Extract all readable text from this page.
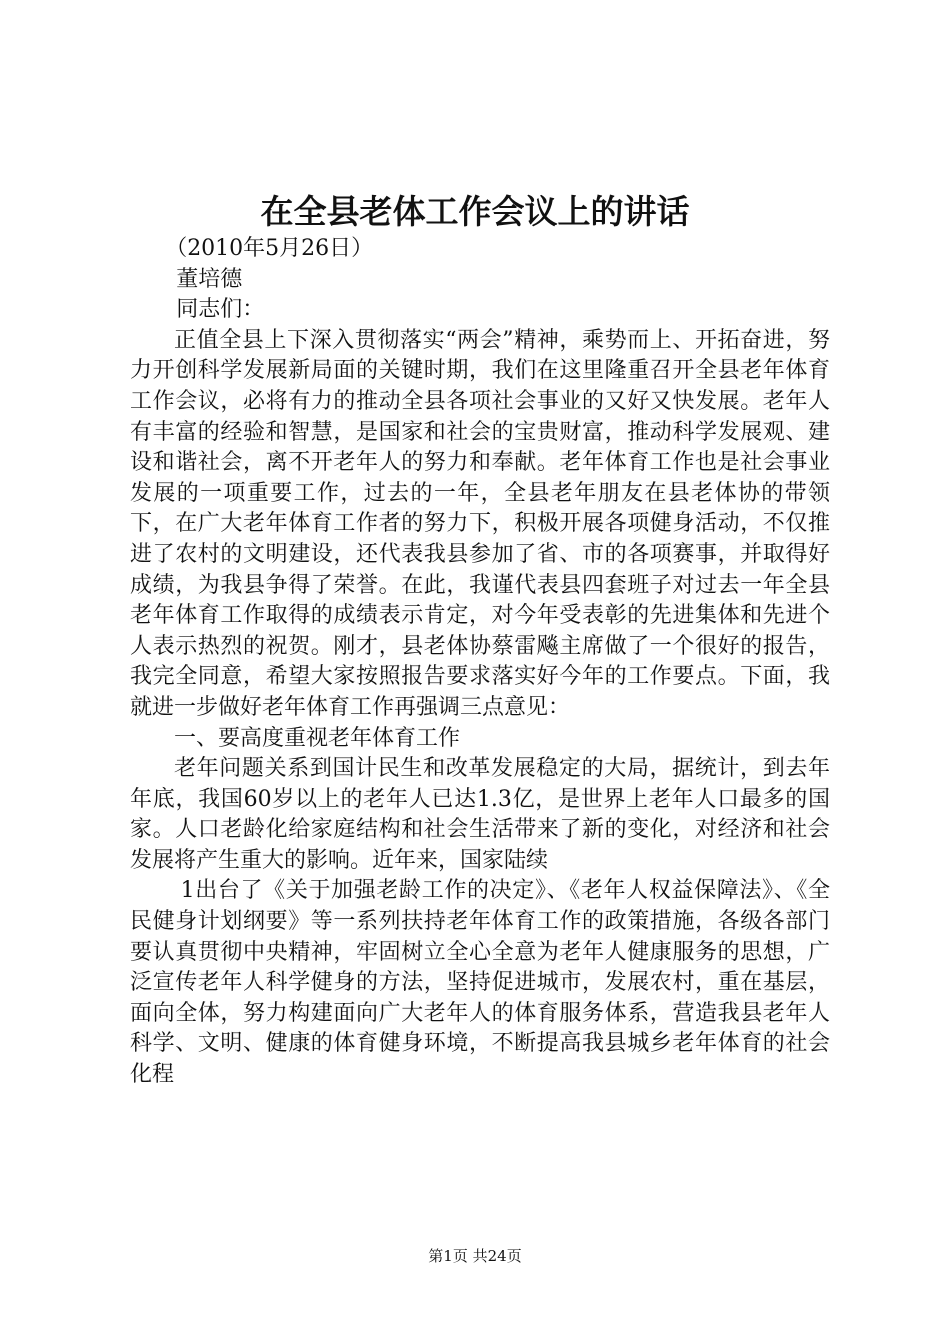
在全县老体工作会议上的讲话

（2010年5月26日）

董培德

同志们：

正值全县上下深入贯彻落实“两会”精神，乘势而上、开拓奋进，努力开创科学发展新局面的关键时期，我们在这里隆重召开全县老年体育工作会议，必将有力的推动全县各项社会事业的又好又快发展。老年人有丰富的经验和智慧，是国家和社会的宝贵财富，推动科学发展观、建设和谐社会，离不开老年人的努力和奉献。老年体育工作也是社会事业发展的一项重要工作，过去的一年，全县老年朋友在县老体协的带领下，在广大老年体育工作者的努力下，积极开展各项健身活动，不仅推进了农村的文明建设，还代表我县参加了省、市的各项赛事，并取得好成绩，为我县争得了荣誉。在此，我谨代表县四套班子对过去一年全县老年体育工作取得的成绩表示肯定，对今年受表彰的先进集体和先进个人表示热烈的祝贺。刚才，县老体协蔡雷飚主席做了一个很好的报告，我完全同意，希望大家按照报告要求落实好今年的工作要点。下面，我就进一步做好老年体育工作再强调三点意见：

一、要高度重视老年体育工作

老年问题关系到国计民生和改革发展稳定的大局，据统计，到去年年底，我国60岁以上的老年人已达1.3亿，是世界上老年人口最多的国家。人口老龄化给家庭结构和社会生活带来了新的变化，对经济和社会发展将产生重大的影响。近年来，国家陆续

1出台了《关于加强老龄工作的决定》、《老年人权益保障法》、《全民健身计划纲要》等一系列扶持老年体育工作的政策措施，各级各部门要认真贯彻中央精神，牢固树立全心全意为老年人健康服务的思想，广泛宣传老年人科学健身的方法，坚持促进城市，发展农村，重在基层，面向全体，努力构建面向广大老年人的体育服务体系，营造我县老年人科学、文明、健康的体育健身环境，不断提高我县城乡老年体育的社会化程

第1页 共24页
